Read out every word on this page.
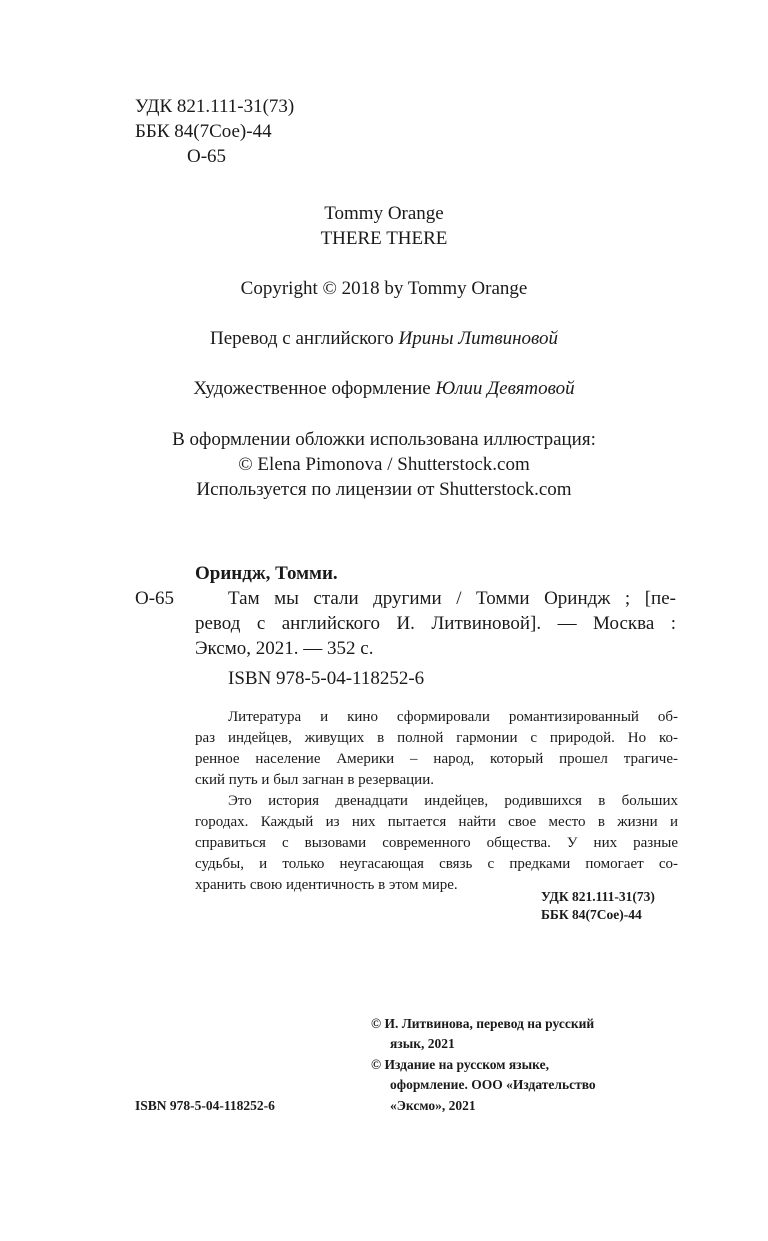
УДК 821.111-31(73)
ББК 84(7Сое)-44
О-65
Tommy Orange
THERE THERE
Copyright © 2018 by Tommy Orange
Перевод с английского Ирины Литвиновой
Художественное оформление Юлии Девятовой
В оформлении обложки использована иллюстрация:
© Elena Pimonova / Shutterstock.com
Используется по лицензии от Shutterstock.com
Ориндж, Томми.
О-65	Там мы стали другими / Томми Ориндж ; [пе-
ревод с английского И. Литвиновой]. — Москва :
Эксмо, 2021. — 352 с.
ISBN 978-5-04-118252-6
Литература и кино сформировали романтизированный об-
раз индейцев, живущих в полной гармонии с природой. Но ко-
ренное население Америки – народ, который прошел трагиче-
ский путь и был загнан в резервации.
Это история двенадцати индейцев, родившихся в больших
городах. Каждый из них пытается найти свое место в жизни и
справиться с вызовами современного общества. У них разные
судьбы, и только неугасающая связь с предками помогает со-
хранить свою идентичность в этом мире.
УДК 821.111-31(73)
ББК 84(7Сое)-44
ISBN 978-5-04-118252-6
© И. Литвинова, перевод на русский
язык, 2021
© Издание на русском языке,
оформление. ООО «Издательство
«Эксмо», 2021
